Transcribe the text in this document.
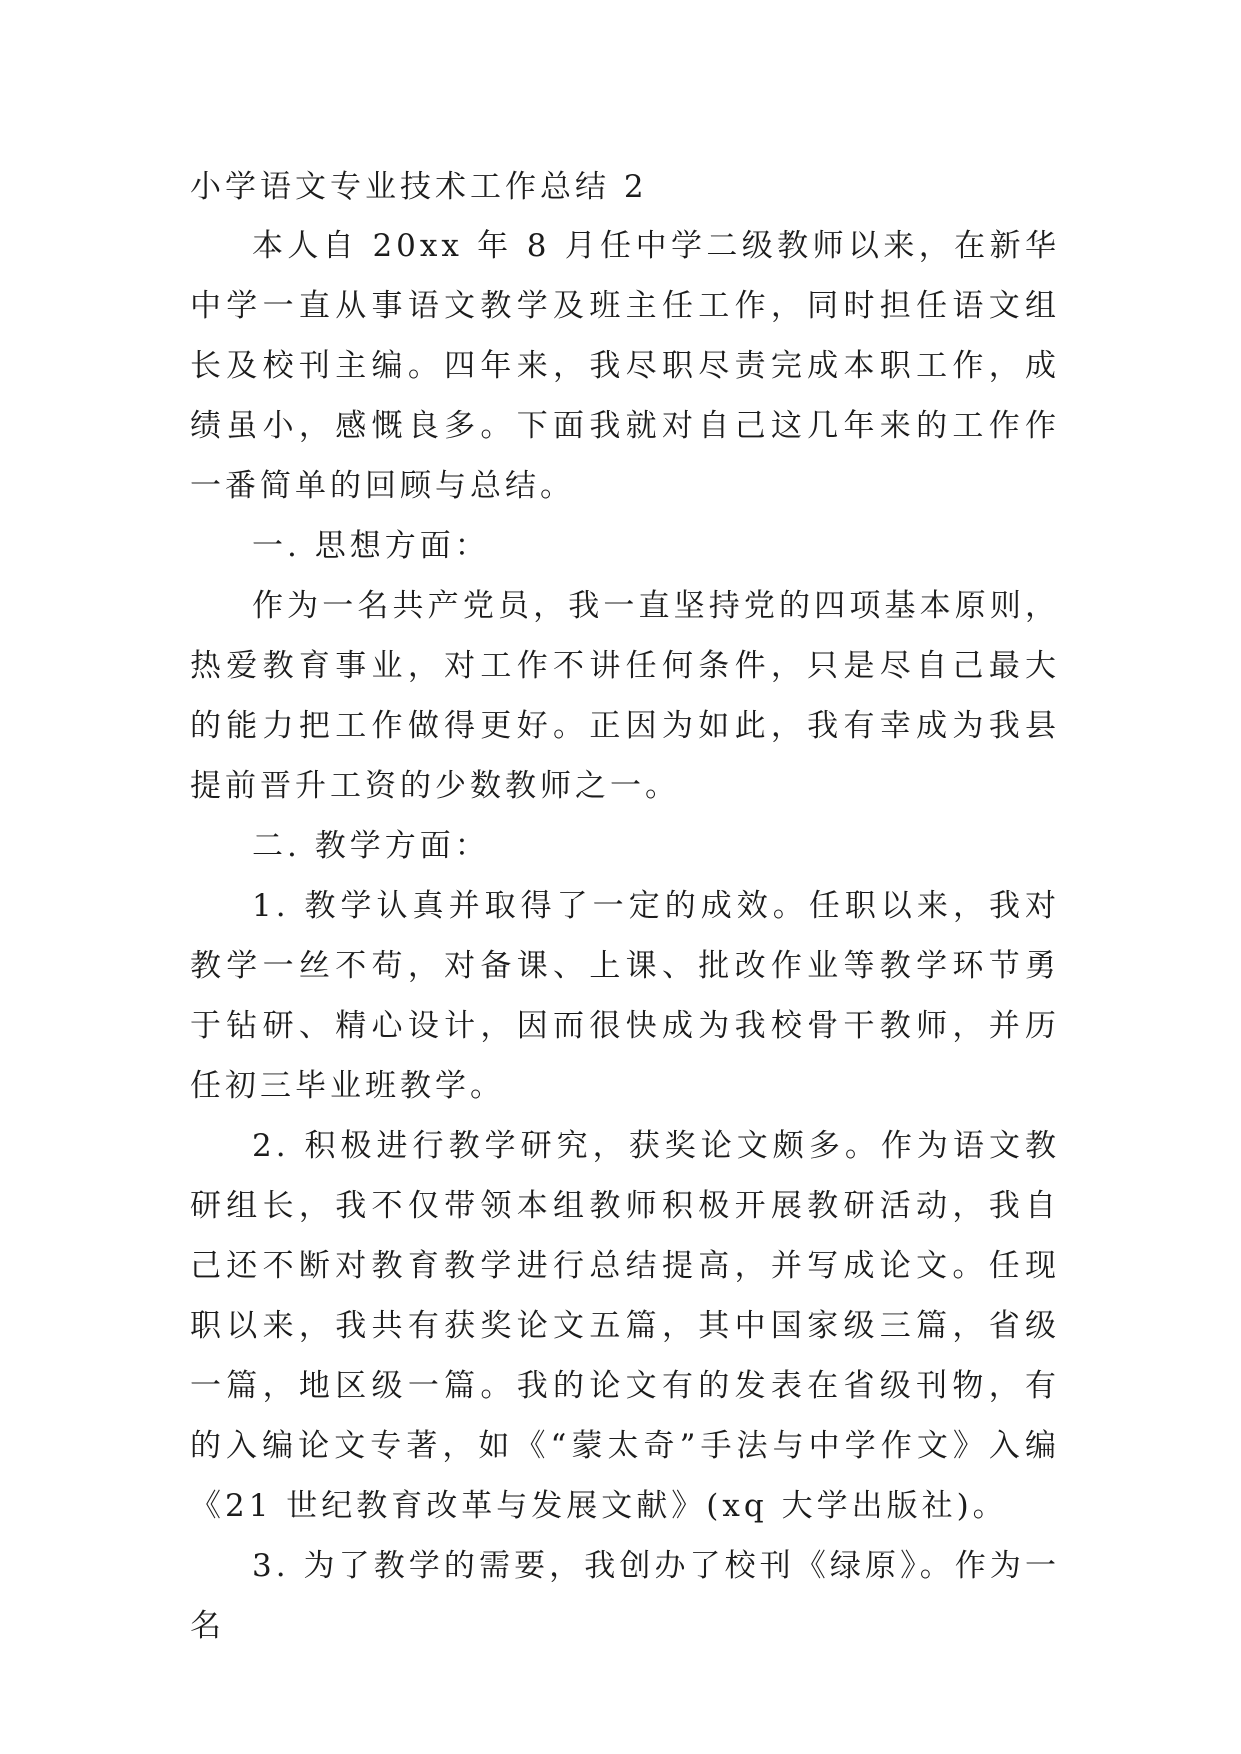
小学语文专业技术工作总结 2

本人自 20xx 年 8 月任中学二级教师以来，在新华中学一直从事语文教学及班主任工作，同时担任语文组长及校刊主编。四年来，我尽职尽责完成本职工作，成绩虽小，感慨良多。下面我就对自己这几年来的工作作一番简单的回顾与总结。

一. 思想方面：

作为一名共产党员，我一直坚持党的四项基本原则，热爱教育事业，对工作不讲任何条件，只是尽自己最大的能力把工作做得更好。正因为如此，我有幸成为我县提前晋升工资的少数教师之一。

二. 教学方面：

1. 教学认真并取得了一定的成效。任职以来，我对教学一丝不苟，对备课、上课、批改作业等教学环节勇于钻研、精心设计，因而很快成为我校骨干教师，并历任初三毕业班教学。

2. 积极进行教学研究，获奖论文颇多。作为语文教研组长，我不仅带领本组教师积极开展教研活动，我自己还不断对教育教学进行总结提高，并写成论文。任现职以来，我共有获奖论文五篇，其中国家级三篇，省级一篇，地区级一篇。我的论文有的发表在省级刊物，有的入编论文专著，如《“蒙太奇”手法与中学作文》入编《21 世纪教育改革与发展文献》(xq 大学出版社)。

3. 为了教学的需要，我创办了校刊《绿原》。作为一名
